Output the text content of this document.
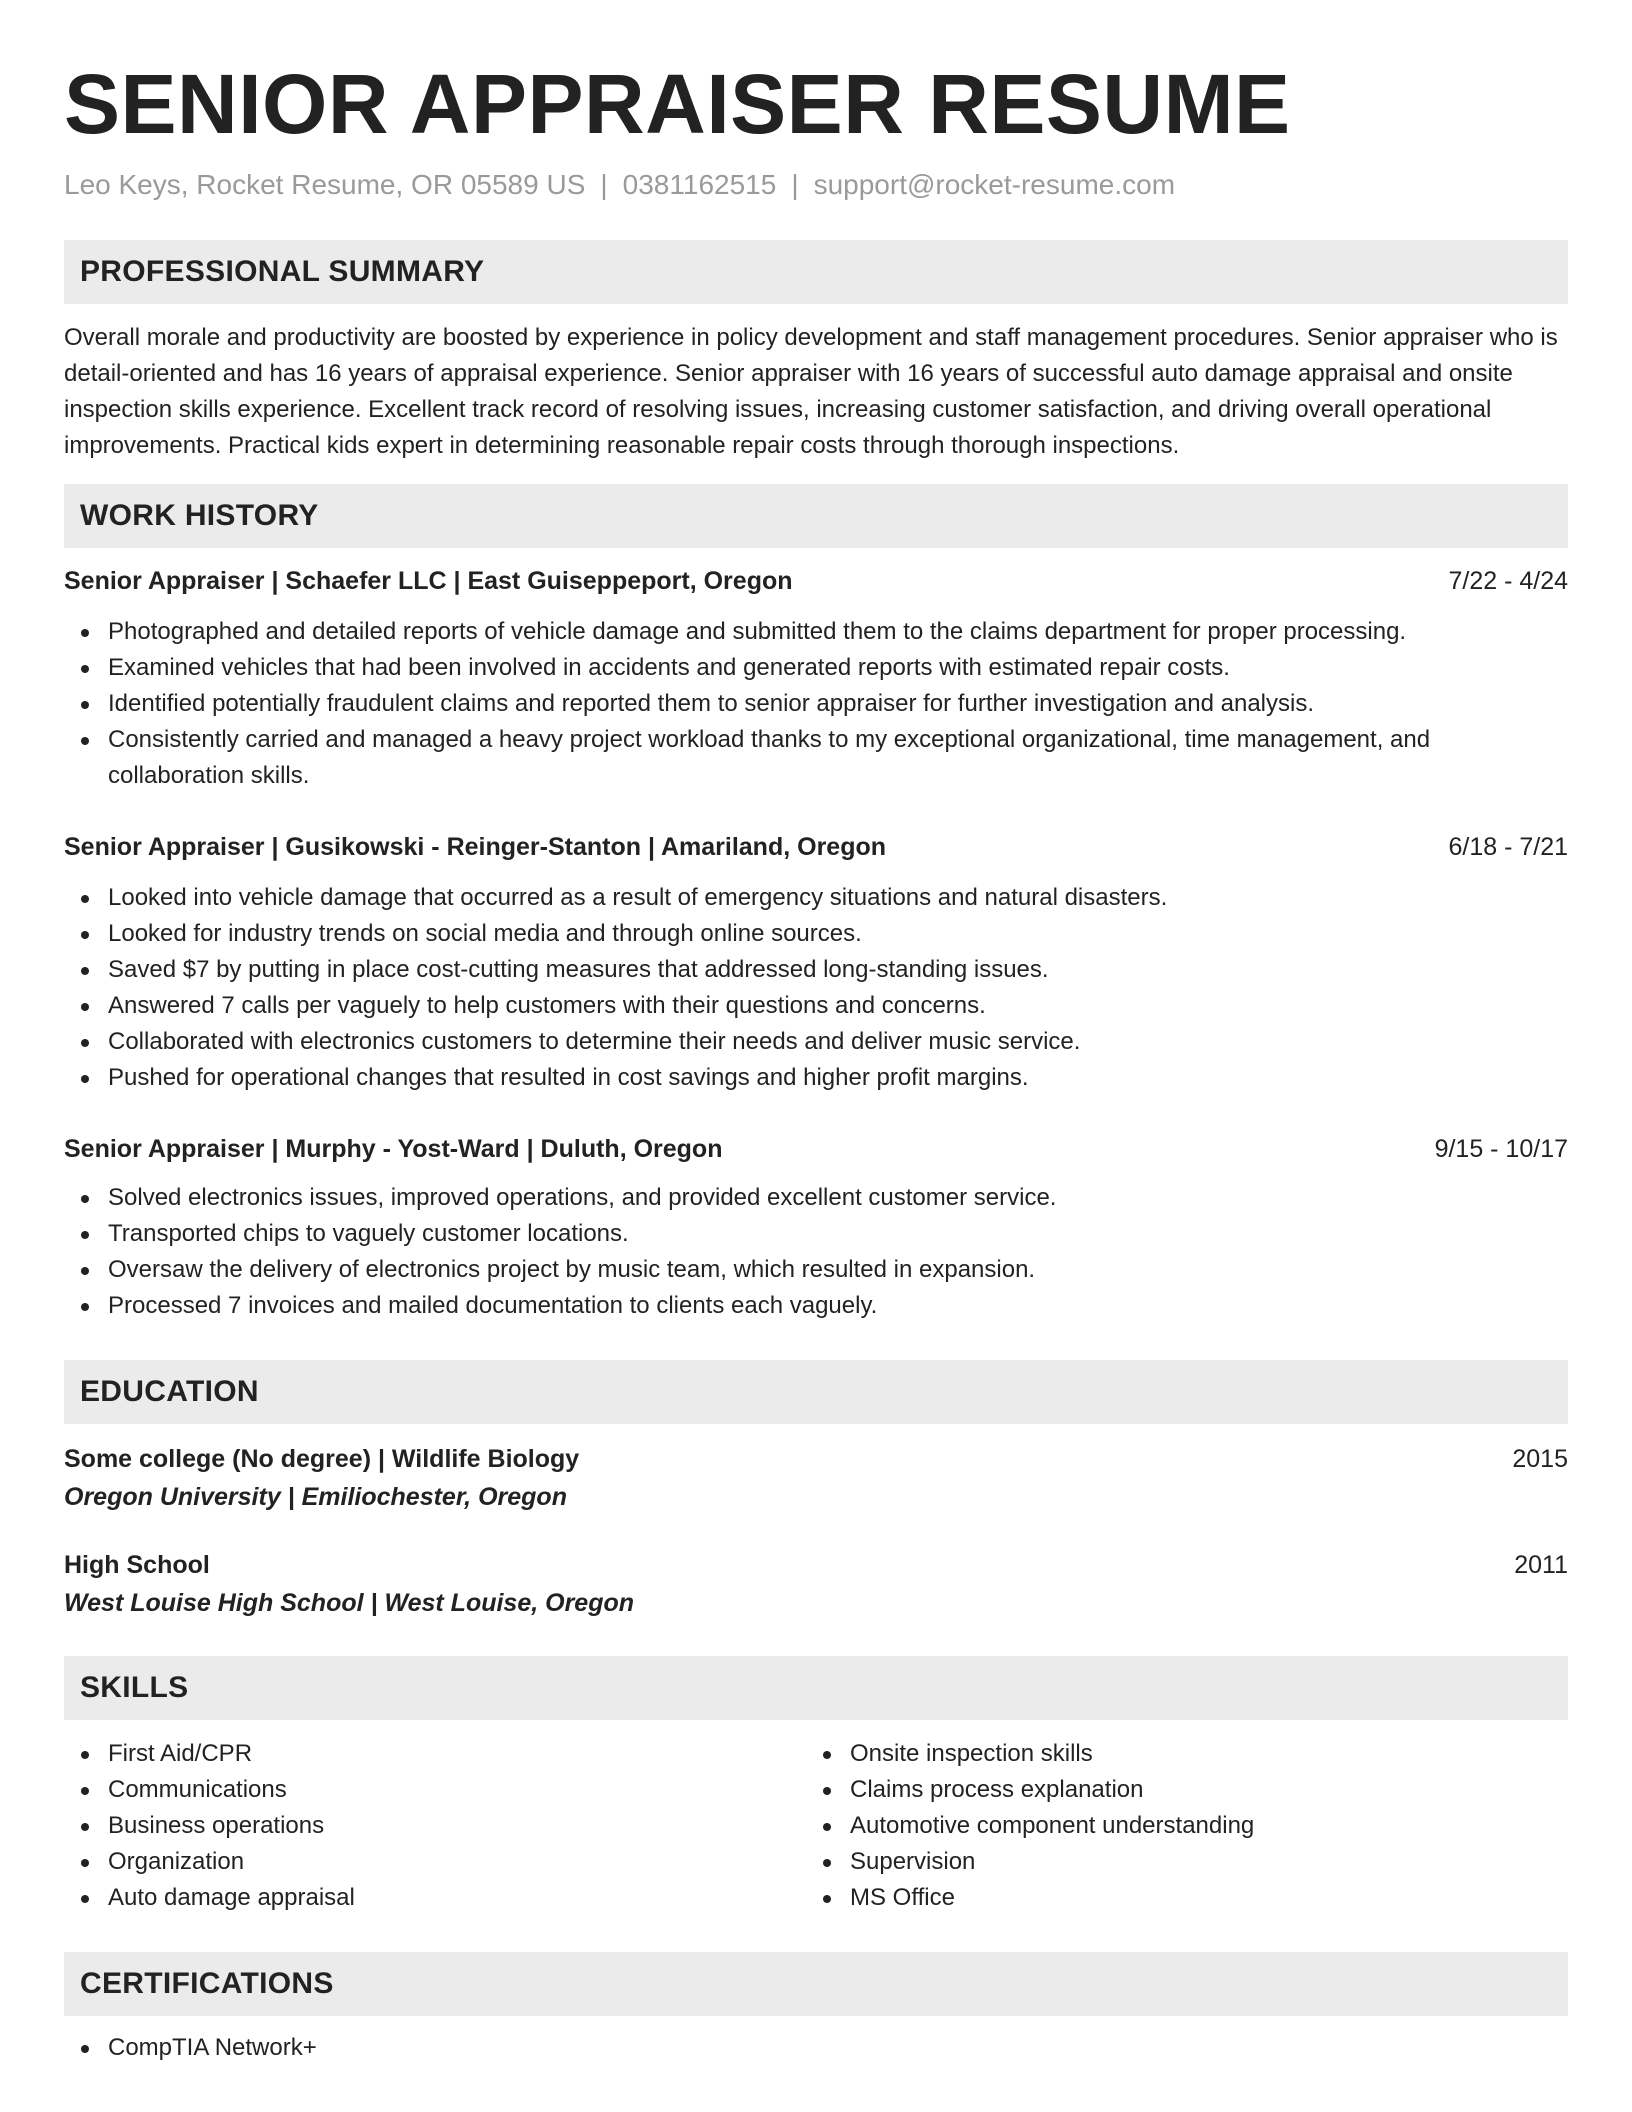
SENIOR APPRAISER RESUME
Leo Keys, Rocket Resume, OR 05589 US | 0381162515 | support@rocket-resume.com
PROFESSIONAL SUMMARY

Overall morale and productivity are boosted by experience in policy development and staff management procedures. Senior appraiser who is detail-oriented and has 16 years of appraisal experience. Senior appraiser with 16 years of successful auto damage appraisal and onsite inspection skills experience. Excellent track record of resolving issues, increasing customer satisfaction, and driving overall operational improvements. Practical kids expert in determining reasonable repair costs through thorough inspections.

WORK HISTORY
Senior Appraiser | Schaefer LLC | East Guiseppeport, Oregon	7/22 - 4/24
Photographed and detailed reports of vehicle damage and submitted them to the claims department for proper processing.
Examined vehicles that had been involved in accidents and generated reports with estimated repair costs.
Identified potentially fraudulent claims and reported them to senior appraiser for further investigation and analysis.
Consistently carried and managed a heavy project workload thanks to my exceptional organizational, time management, and collaboration skills.
Senior Appraiser | Gusikowski - Reinger-Stanton | Amariland, Oregon	6/18 - 7/21
Looked into vehicle damage that occurred as a result of emergency situations and natural disasters.
Looked for industry trends on social media and through online sources.
Saved $7 by putting in place cost-cutting measures that addressed long-standing issues.
Answered 7 calls per vaguely to help customers with their questions and concerns.
Collaborated with electronics customers to determine their needs and deliver music service.
Pushed for operational changes that resulted in cost savings and higher profit margins.
Senior Appraiser | Murphy - Yost-Ward | Duluth, Oregon	9/15 - 10/17
Solved electronics issues, improved operations, and provided excellent customer service.
Transported chips to vaguely customer locations.
Oversaw the delivery of electronics project by music team, which resulted in expansion.
Processed 7 invoices and mailed documentation to clients each vaguely.
EDUCATION
Some college (No degree) | Wildlife Biology	2015
Oregon University | Emiliochester, Oregon
High School	2011
West Louise High School | West Louise, Oregon
SKILLS
First Aid/CPR
Communications
Business operations
Organization
Auto damage appraisal
Onsite inspection skills
Claims process explanation
Automotive component understanding
Supervision
MS Office
CERTIFICATIONS
CompTIA Network+
